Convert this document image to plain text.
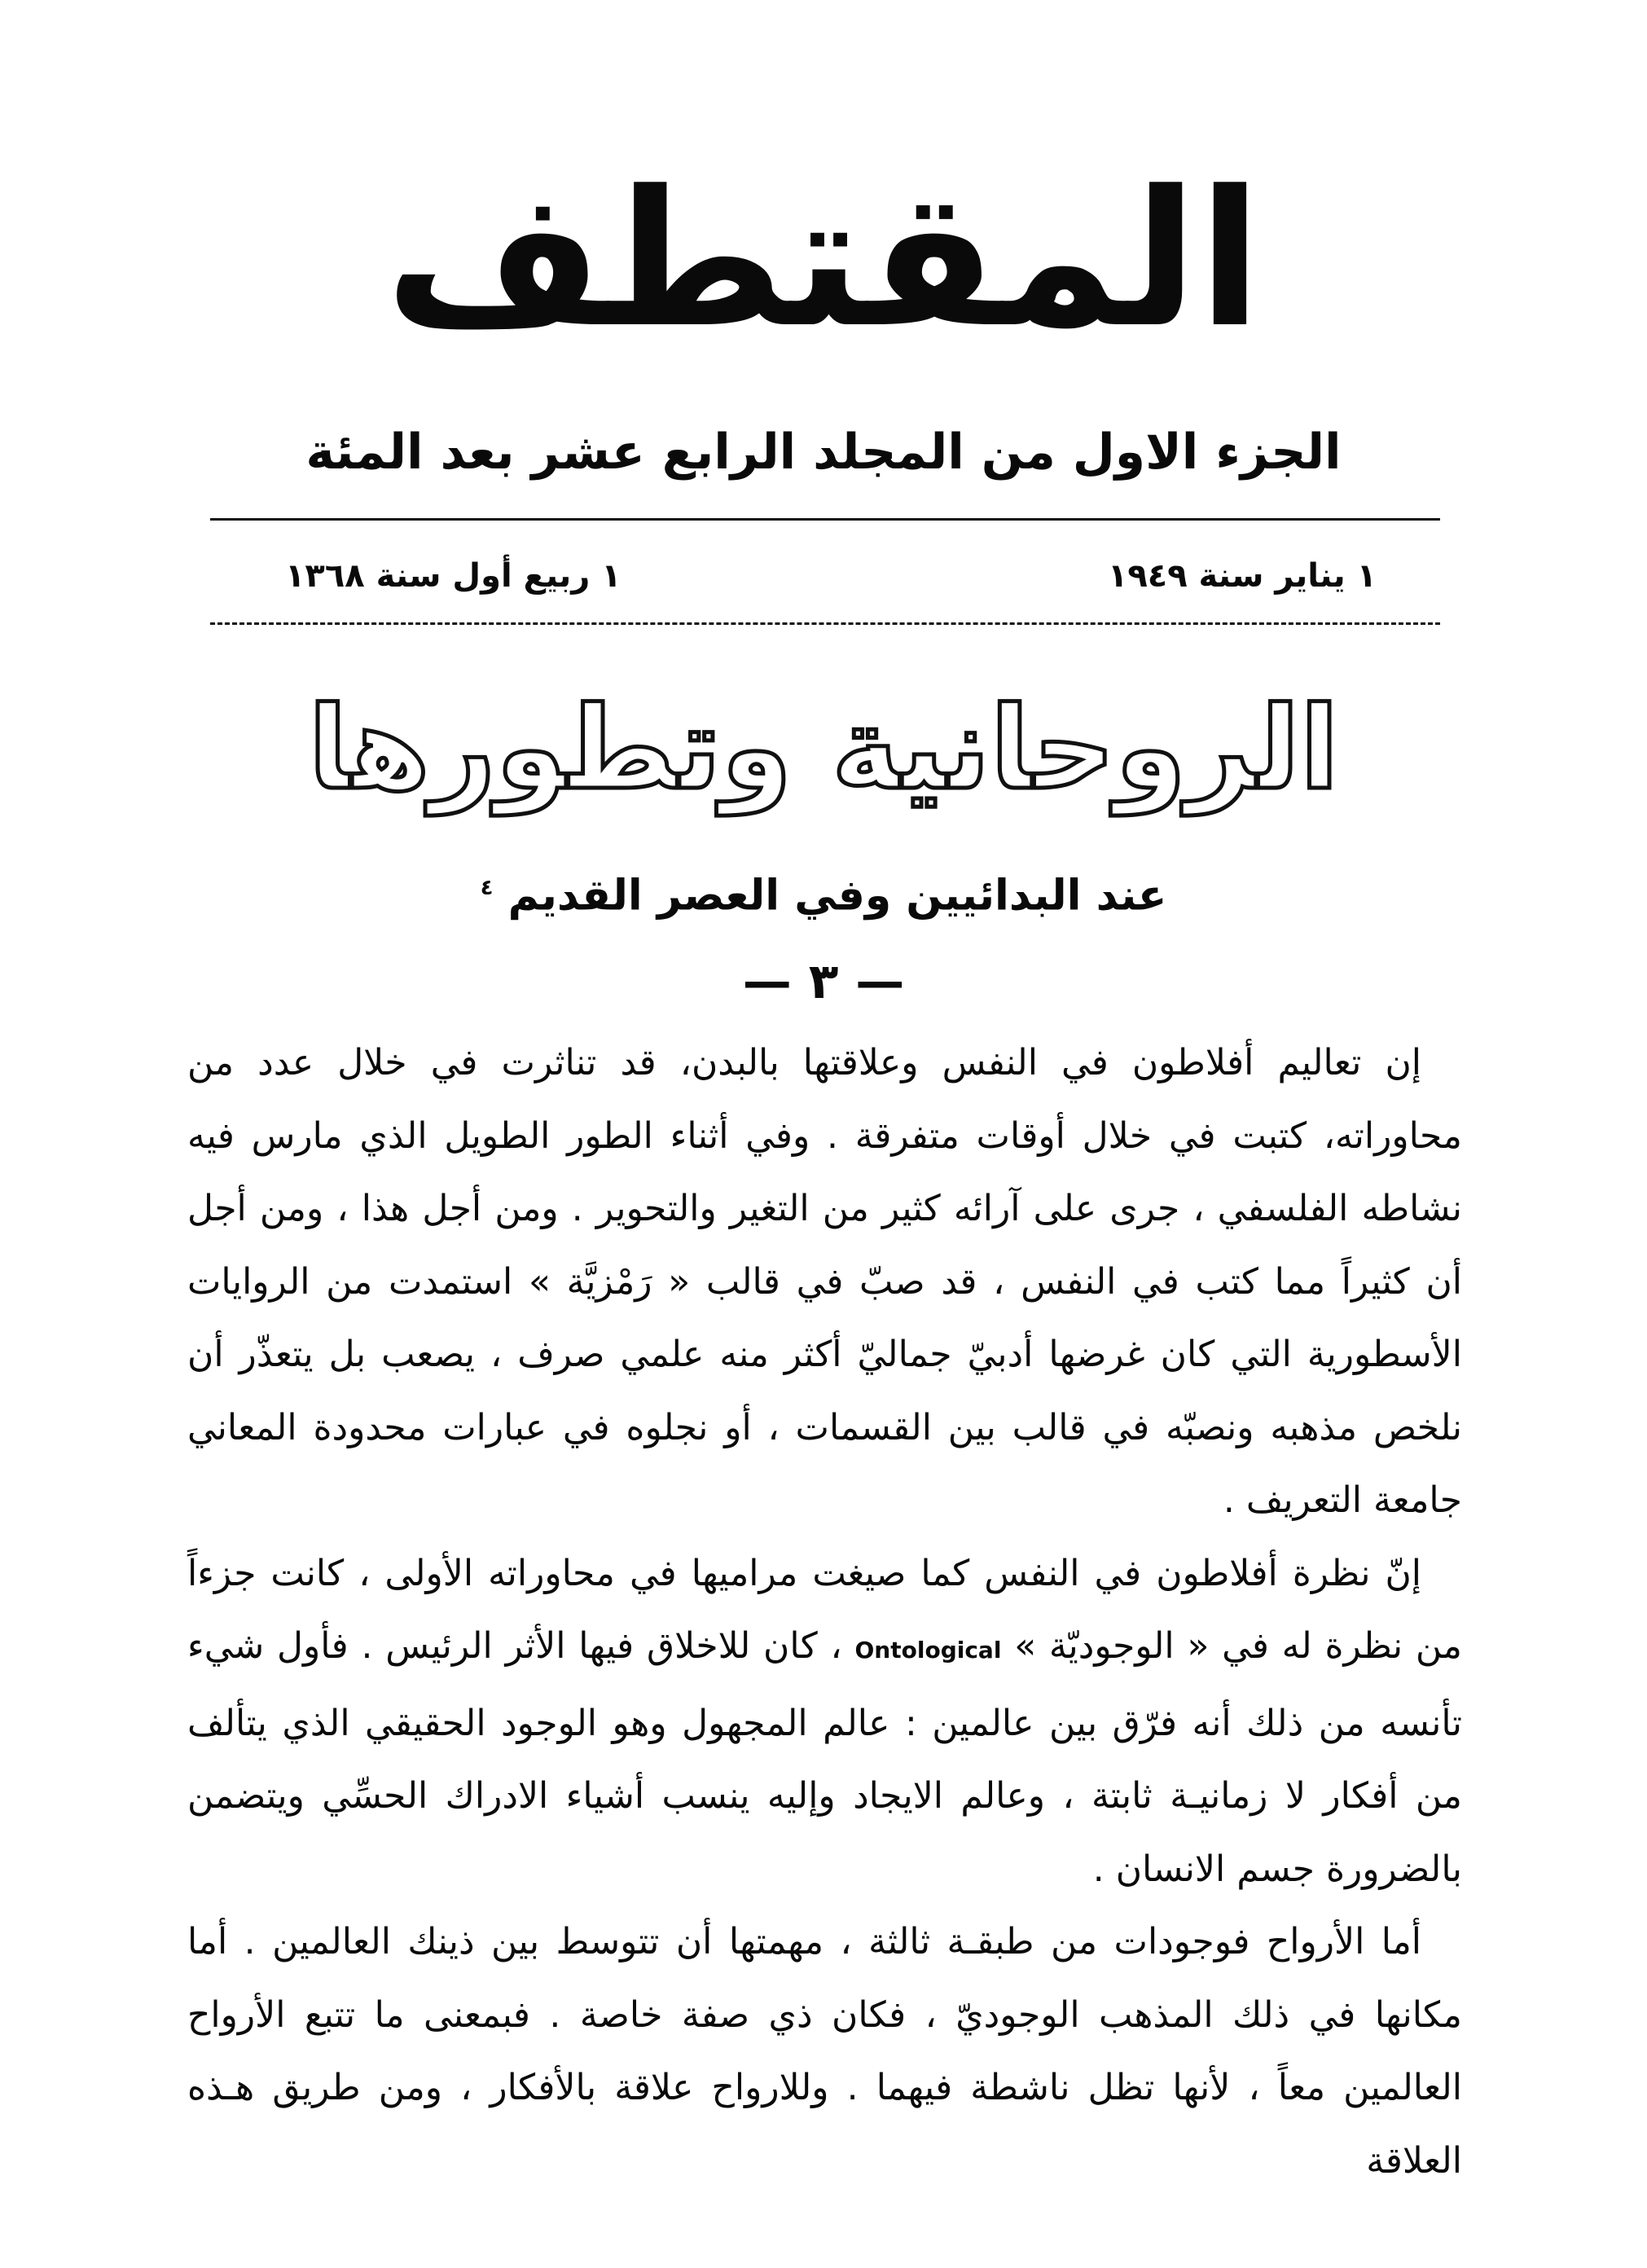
المقتطف
الجزء الاول من المجلد الرابع عشر بعد المئة
١ يناير سنة ١٩٤٩
١ ربيع أول سنة ١٣٦٨
الروحانية وتطورها
عند البدائيين وفي العصر القديم $^٤$
— ٣ —

إن تعاليم أفلاطون في النفس وعلاقتها بالبدن، قد تناثرت في خلال عدد من محاوراته، كتبت في خلال أوقات متفرقة . وفي أثناء الطور الطويل الذي مارس فيه نشاطه الفلسفي ، جرى على آرائه كثير من التغير والتحوير . ومن أجل هذا ، ومن أجل أن كثيراً مما كتب في النفس ، قد صبّ في قالب « رَمْزيَّة » استمدت من الروايات الأسطورية التي كان غرضها أدبيّ جماليّ أكثر منه علمي صرف ، يصعب بل يتعذّر أن نلخص مذهبه ونصبّه في قالب بين القسمات ، أو نجلوه في عبارات محدودة المعاني جامعة التعريف .

إنّ نظرة أفلاطون في النفس كما صيغت مراميها في محاوراته الأولى ، كانت جزءاً من نظرة له في « الوجوديّة » Ontological ، كان للاخلاق فيها الأثر الرئيس . فأول شيء تأنسه من ذلك أنه فرّق بين عالمين : عالم المجهول وهو الوجود الحقيقي الذي يتألف من أفكار لا زمانيـة ثابتة ، وعالم الايجاد وإليه ينسب أشياء الادراك الحسِّي ويتضمن بالضرورة جسم الانسان .

أما الأرواح فوجودات من طبقـة ثالثة ، مهمتها أن تتوسط بين ذينك العالمين . أما مكانها في ذلك المذهب الوجوديّ ، فكان ذي صفة خاصة . فبمعنى ما تتبع الأرواح العالمين معاً ، لأنها تظل ناشطة فيهما . وللارواح علاقة بالأفكار ، ومن طريق هـذه العلاقة
